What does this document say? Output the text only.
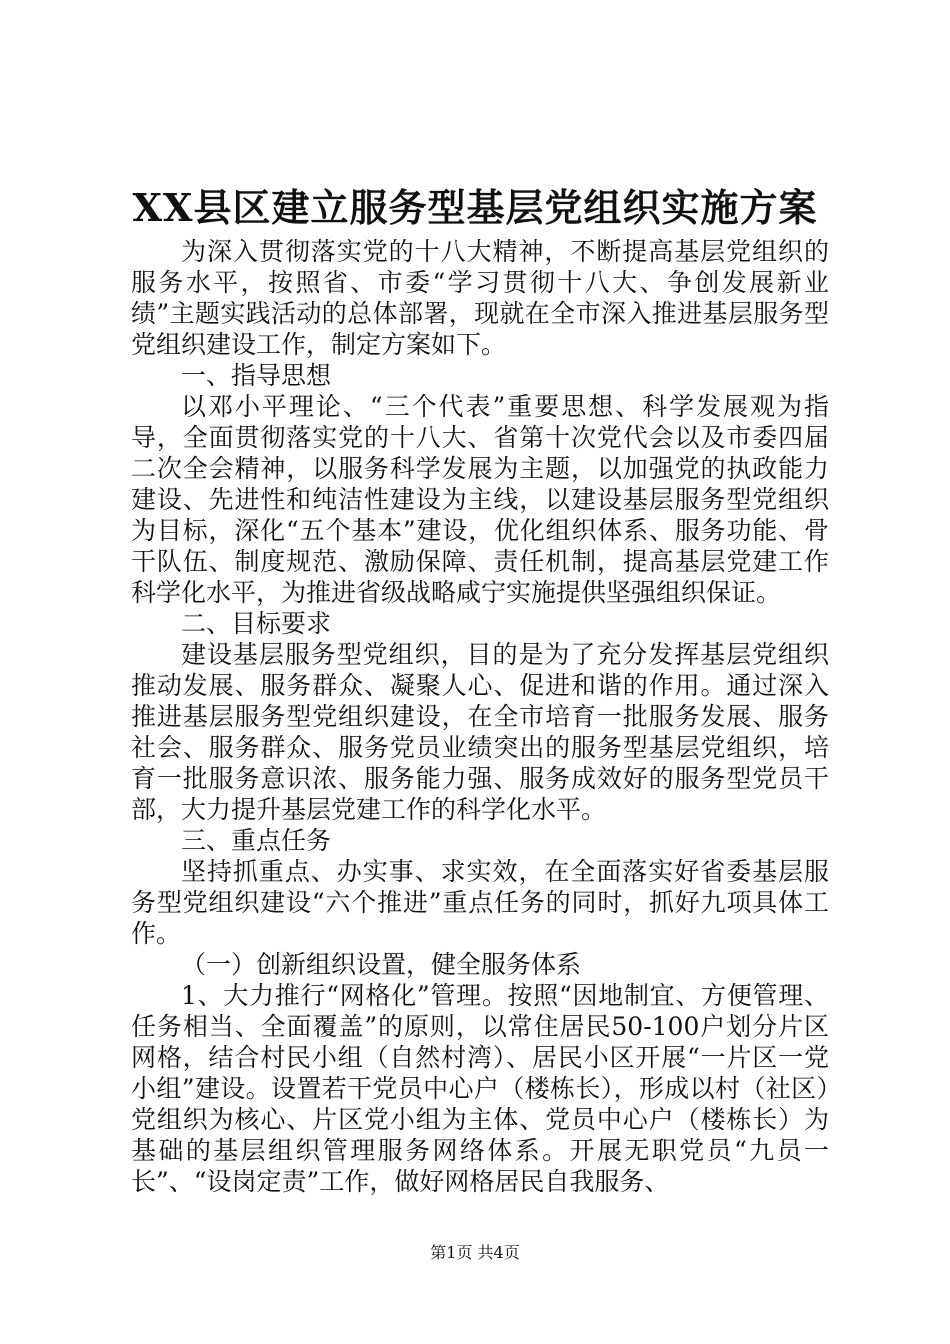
XX县区建立服务型基层党组织实施方案

为深入贯彻落实党的十八大精神，不断提高基层党组织的服务水平，按照省、市委“学习贯彻十八大、争创发展新业绩”主题实践活动的总体部署，现就在全市深入推进基层服务型党组织建设工作，制定方案如下。

一、指导思想

以邓小平理论、“三个代表”重要思想、科学发展观为指导，全面贯彻落实党的十八大、省第十次党代会以及市委四届二次全会精神，以服务科学发展为主题，以加强党的执政能力建设、先进性和纯洁性建设为主线，以建设基层服务型党组织为目标，深化“五个基本”建设，优化组织体系、服务功能、骨干队伍、制度规范、激励保障、责任机制，提高基层党建工作科学化水平，为推进省级战略咸宁实施提供坚强组织保证。

二、目标要求

建设基层服务型党组织，目的是为了充分发挥基层党组织推动发展、服务群众、凝聚人心、促进和谐的作用。通过深入推进基层服务型党组织建设，在全市培育一批服务发展、服务社会、服务群众、服务党员业绩突出的服务型基层党组织，培育一批服务意识浓、服务能力强、服务成效好的服务型党员干部，大力提升基层党建工作的科学化水平。

三、重点任务

坚持抓重点、办实事、求实效，在全面落实好省委基层服务型党组织建设“六个推进”重点任务的同时，抓好九项具体工作。

（一）创新组织设置，健全服务体系

1、大力推行“网格化”管理。按照“因地制宜、方便管理、任务相当、全面覆盖”的原则，以常住居民50-100户划分片区网格，结合村民小组（自然村湾）、居民小区开展“一片区一党小组”建设。设置若干党员中心户（楼栋长），形成以村（社区）党组织为核心、片区党小组为主体、党员中心户（楼栋长）为基础的基层组织管理服务网络体系。开展无职党员“九员一长”、“设岗定责”工作，做好网格居民自我服务、

第1页 共4页
